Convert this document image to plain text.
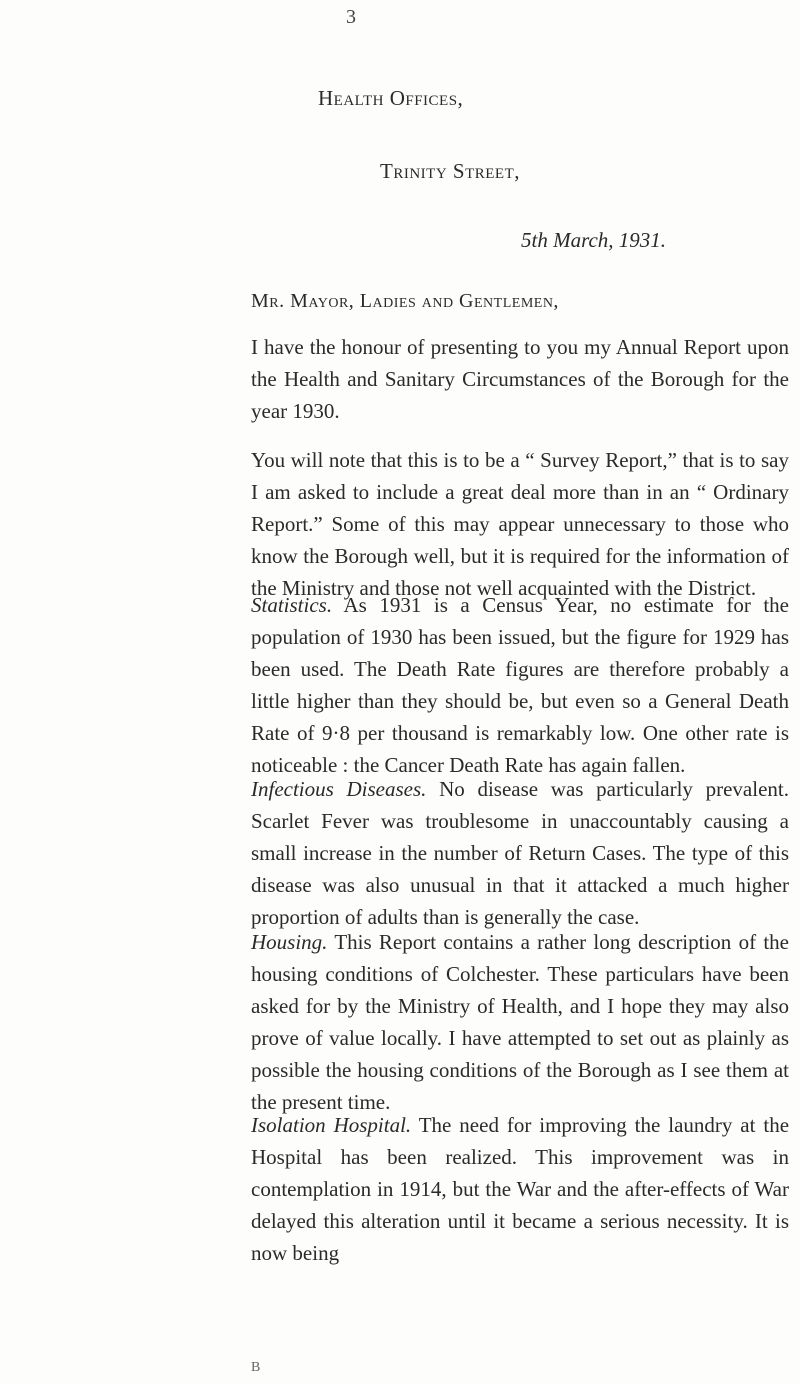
3
Health Offices,
Trinity Street,
5th March, 1931.
Mr. Mayor, Ladies and Gentlemen,

I have the honour of presenting to you my Annual Report upon the Health and Sanitary Circumstances of the Borough for the year 1930.

You will note that this is to be a “ Survey Report,” that is to say I am asked to include a great deal more than in an “ Ordinary Report.” Some of this may appear unnecessary to those who know the Borough well, but it is required for the information of the Ministry and those not well acquainted with the District.

Statistics. As 1931 is a Census Year, no estimate for the population of 1930 has been issued, but the figure for 1929 has been used. The Death Rate figures are therefore probably a little higher than they should be, but even so a General Death Rate of 9·8 per thousand is remarkably low. One other rate is noticeable : the Cancer Death Rate has again fallen.

Infectious Diseases. No disease was particularly prevalent. Scarlet Fever was troublesome in unaccountably causing a small increase in the number of Return Cases. The type of this disease was also unusual in that it attacked a much higher proportion of adults than is generally the case.

Housing. This Report contains a rather long description of the housing conditions of Colchester. These particulars have been asked for by the Ministry of Health, and I hope they may also prove of value locally. I have attempted to set out as plainly as possible the housing conditions of the Borough as I see them at the present time.

Isolation Hospital. The need for improving the laundry at the Hospital has been realized. This improvement was in contemplation in 1914, but the War and the after-effects of War delayed this alteration until it became a serious necessity. It is now being

B
